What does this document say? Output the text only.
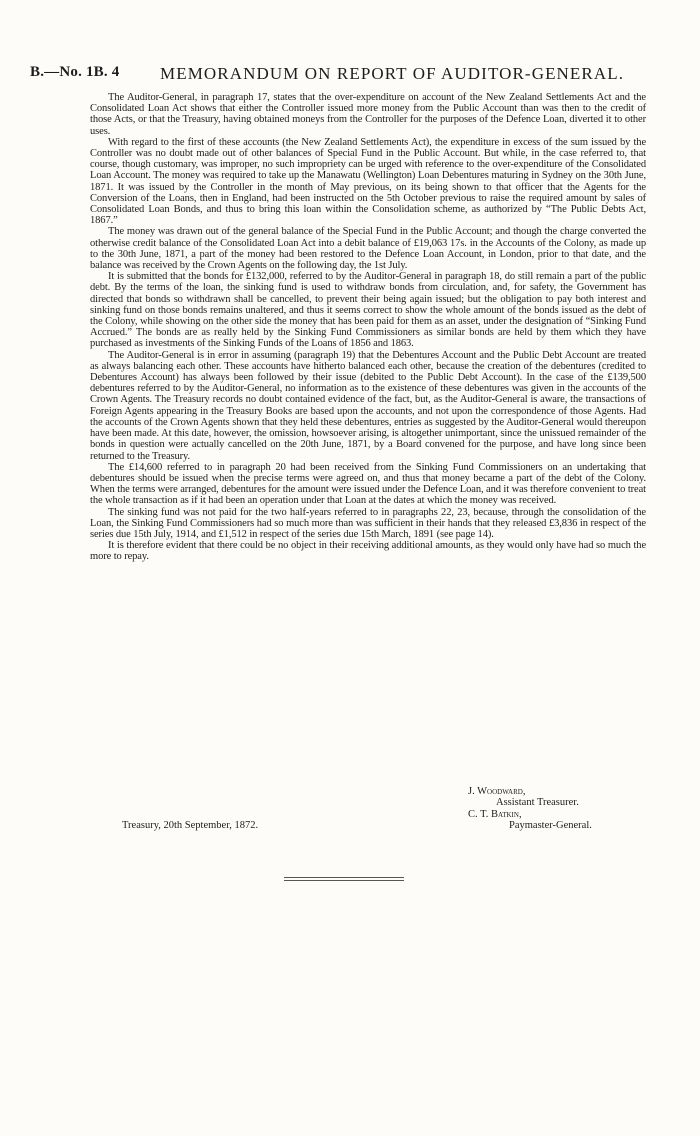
B.—No. 1B. 4 MEMORANDUM ON REPORT OF AUDITOR-GENERAL.

The Auditor-General, in paragraph 17, states that the over-expenditure on account of the New Zealand Settlements Act and the Consolidated Loan Act shows that either the Controller issued more money from the Public Account than was then to the credit of those Acts, or that the Treasury, having obtained moneys from the Controller for the purposes of the Defence Loan, diverted it to other uses.

With regard to the first of these accounts (the New Zealand Settlements Act), the expenditure in excess of the sum issued by the Controller was no doubt made out of other balances of Special Fund in the Public Account. But while, in the case referred to, that course, though customary, was improper, no such impropriety can be urged with reference to the over-expenditure of the Consolidated Loan Account. The money was required to take up the Manawatu (Wellington) Loan Debentures maturing in Sydney on the 30th June, 1871. It was issued by the Controller in the month of May previous, on its being shown to that officer that the Agents for the Conversion of the Loans, then in England, had been instructed on the 5th October previous to raise the required amount by sales of Consolidated Loan Bonds, and thus to bring this loan within the Consolidation scheme, as authorized by “The Public Debts Act, 1867.”

The money was drawn out of the general balance of the Special Fund in the Public Account; and though the charge converted the otherwise credit balance of the Consolidated Loan Act into a debit balance of £19,063 17s. in the Accounts of the Colony, as made up to the 30th June, 1871, a part of the money had been restored to the Defence Loan Account, in London, prior to that date, and the balance was received by the Crown Agents on the following day, the 1st July.

It is submitted that the bonds for £132,000, referred to by the Auditor-General in paragraph 18, do still remain a part of the public debt. By the terms of the loan, the sinking fund is used to withdraw bonds from circulation, and, for safety, the Government has directed that bonds so withdrawn shall be cancelled, to prevent their being again issued; but the obligation to pay both interest and sinking fund on those bonds remains unaltered, and thus it seems correct to show the whole amount of the bonds issued as the debt of the Colony, while showing on the other side the money that has been paid for them as an asset, under the designation of “Sinking Fund Accrued.” The bonds are as really held by the Sinking Fund Commissioners as similar bonds are held by them which they have purchased as investments of the Sinking Funds of the Loans of 1856 and 1863.

The Auditor-General is in error in assuming (paragraph 19) that the Debentures Account and the Public Debt Account are treated as always balancing each other. These accounts have hitherto balanced each other, because the creation of the debentures (credited to Debentures Account) has always been followed by their issue (debited to the Public Debt Account). In the case of the £139,500 debentures referred to by the Auditor-General, no information as to the existence of these debentures was given in the accounts of the Crown Agents. The Treasury records no doubt contained evidence of the fact, but, as the Auditor-General is aware, the transactions of Foreign Agents appearing in the Treasury Books are based upon the accounts, and not upon the correspondence of those Agents. Had the accounts of the Crown Agents shown that they held these debentures, entries as suggested by the Auditor-General would thereupon have been made. At this date, however, the omission, howsoever arising, is altogether unimportant, since the unissued remainder of the bonds in question were actually cancelled on the 20th June, 1871, by a Board convened for the purpose, and have long since been returned to the Treasury.

The £14,600 referred to in paragraph 20 had been received from the Sinking Fund Commissioners on an undertaking that debentures should be issued when the precise terms were agreed on, and thus that money became a part of the debt of the Colony. When the terms were arranged, debentures for the amount were issued under the Defence Loan, and it was therefore convenient to treat the whole transaction as if it had been an operation under that Loan at the dates at which the money was received.

The sinking fund was not paid for the two half-years referred to in paragraphs 22, 23, because, through the consolidation of the Loan, the Sinking Fund Commissioners had so much more than was sufficient in their hands that they released £3,836 in respect of the series due 15th July, 1914, and £1,512 in respect of the series due 15th March, 1891 (see page 14).

It is therefore evident that there could be no object in their receiving additional amounts, as they would only have had so much the more to repay.

J. Woodward,
Assistant Treasurer.
C. T. Batkin,
Paymaster-General.
Treasury, 20th September, 1872.
